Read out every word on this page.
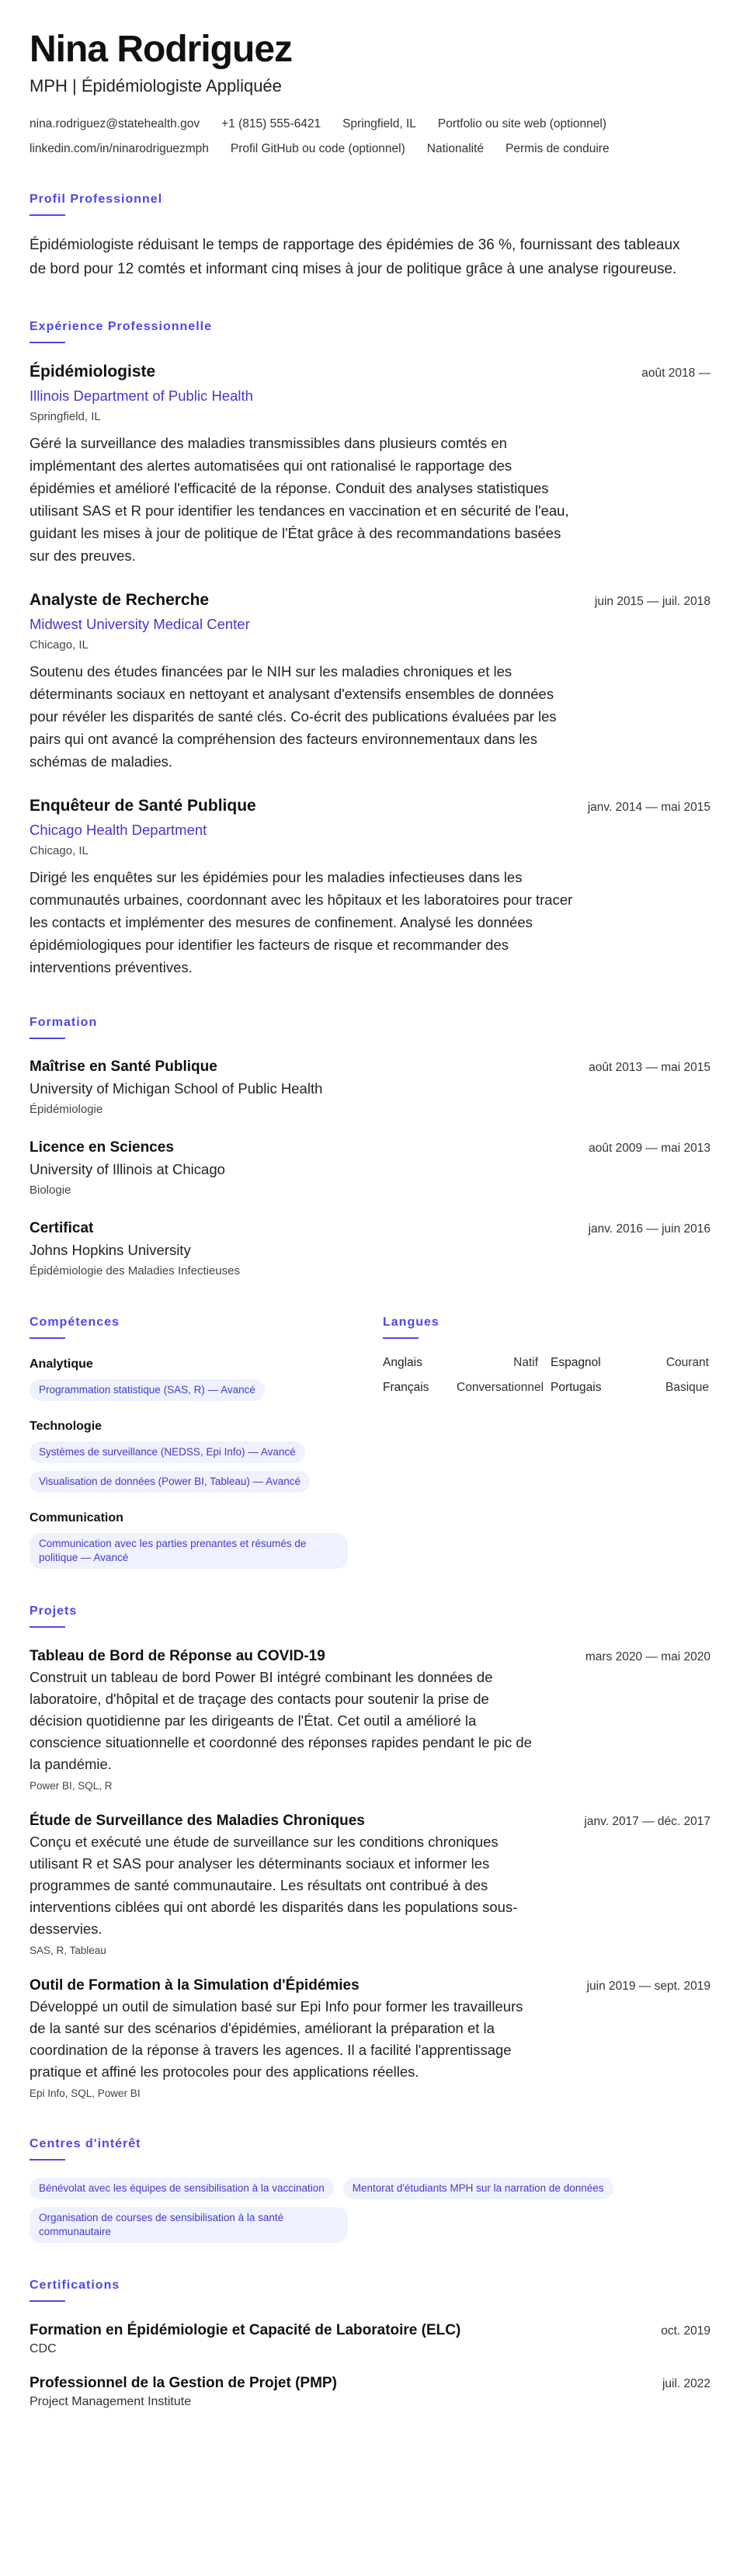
Nina Rodriguez
MPH | Épidémiologiste Appliquée
nina.rodriguez@statehealth.gov +1 (815) 555-6421 Springfield, IL Portfolio ou site web (optionnel)
linkedin.com/in/ninarodriguezmph Profil GitHub ou code (optionnel) Nationalité Permis de conduire
Profil Professionnel
Épidémiologiste réduisant le temps de rapportage des épidémies de 36 %, fournissant des tableaux de bord pour 12 comtés et informant cinq mises à jour de politique grâce à une analyse rigoureuse.
Expérience Professionnelle
Épidémiologiste	août 2018 —
Illinois Department of Public Health
Springfield, IL
Géré la surveillance des maladies transmissibles dans plusieurs comtés en implémentant des alertes automatisées qui ont rationalisé le rapportage des épidémies et amélioré l'efficacité de la réponse. Conduit des analyses statistiques utilisant SAS et R pour identifier les tendances en vaccination et en sécurité de l'eau, guidant les mises à jour de politique de l'État grâce à des recommandations basées sur des preuves.
Analyste de Recherche	juin 2015 — juil. 2018
Midwest University Medical Center
Chicago, IL
Soutenu des études financées par le NIH sur les maladies chroniques et les déterminants sociaux en nettoyant et analysant d'extensifs ensembles de données pour révéler les disparités de santé clés. Co-écrit des publications évaluées par les pairs qui ont avancé la compréhension des facteurs environnementaux dans les schémas de maladies.
Enquêteur de Santé Publique	janv. 2014 — mai 2015
Chicago Health Department
Chicago, IL
Dirigé les enquêtes sur les épidémies pour les maladies infectieuses dans les communautés urbaines, coordonnant avec les hôpitaux et les laboratoires pour tracer les contacts et implémenter des mesures de confinement. Analysé les données épidémiologiques pour identifier les facteurs de risque et recommander des interventions préventives.
Formation
Maîtrise en Santé Publique	août 2013 — mai 2015
University of Michigan School of Public Health
Épidémiologie
Licence en Sciences	août 2009 — mai 2013
University of Illinois at Chicago
Biologie
Certificat	janv. 2016 — juin 2016
Johns Hopkins University
Épidémiologie des Maladies Infectieuses
Compétences
Analytique
Programmation statistique (SAS, R) — Avancé
Technologie
Systèmes de surveillance (NEDSS, Epi Info) — Avancé
Visualisation de données (Power BI, Tableau) — Avancé
Communication
Communication avec les parties prenantes et résumés de politique — Avancé
Langues
Anglais	Natif	Espagnol	Courant
Français	Conversationnel Portugais	Basique
Projets
Tableau de Bord de Réponse au COVID-19	mars 2020 — mai 2020
Construit un tableau de bord Power BI intégré combinant les données de laboratoire, d'hôpital et de traçage des contacts pour soutenir la prise de décision quotidienne par les dirigeants de l'État. Cet outil a amélioré la conscience situationnelle et coordonné des réponses rapides pendant le pic de la pandémie.
Power BI, SQL, R
Étude de Surveillance des Maladies Chroniques	janv. 2017 — déc. 2017
Conçu et exécuté une étude de surveillance sur les conditions chroniques utilisant R et SAS pour analyser les déterminants sociaux et informer les programmes de santé communautaire. Les résultats ont contribué à des interventions ciblées qui ont abordé les disparités dans les populations sous-desservies.
SAS, R, Tableau
Outil de Formation à la Simulation d'Épidémies	juin 2019 — sept. 2019
Développé un outil de simulation basé sur Epi Info pour former les travailleurs de la santé sur des scénarios d'épidémies, améliorant la préparation et la coordination de la réponse à travers les agences. Il a facilité l'apprentissage pratique et affiné les protocoles pour des applications réelles.
Epi Info, SQL, Power BI
Centres d'intérêt
Bénévolat avec les équipes de sensibilisation à la vaccination	Mentorat d'étudiants MPH sur la narration de données
Organisation de courses de sensibilisation à la santé communautaire
Certifications
Formation en Épidémiologie et Capacité de Laboratoire (ELC)	oct. 2019
CDC
Professionnel de la Gestion de Projet (PMP)	juil. 2022
Project Management Institute
